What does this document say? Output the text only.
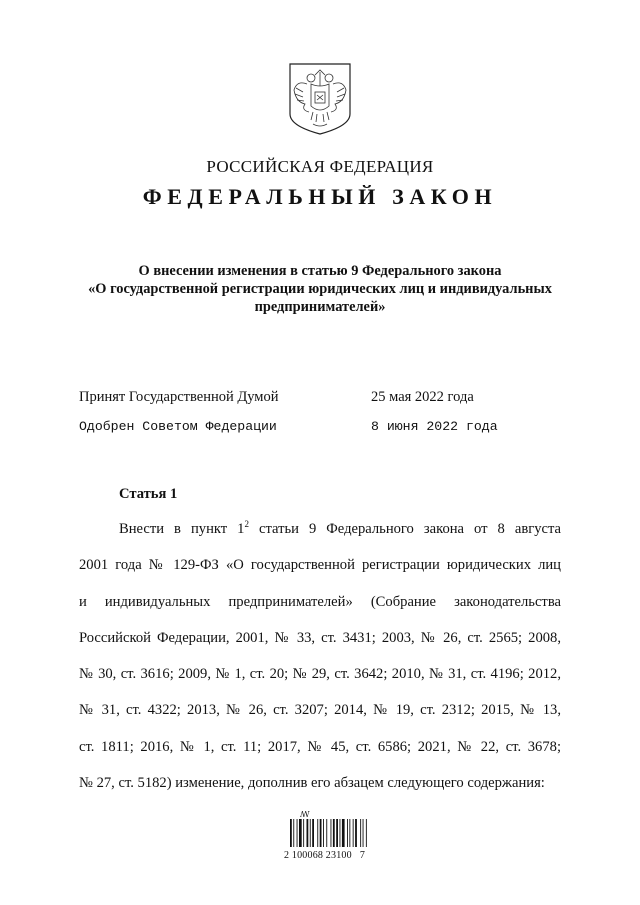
РОССИЙСКАЯ ФЕДЕРАЦИЯ
ФЕДЕРАЛЬНЫЙ ЗАКОН
О внесении изменения в статью 9 Федерального закона
«О государственной регистрации юридических лиц и индивидуальных
предпринимателей»
Принят Государственной Думой	25 мая 2022 года
Одобрен Советом Федерации	8 июня 2022 года
Статья 1
Внести в пункт $1^2$ статьи 9 Федерального закона от 8 августа
2001 года № 129-ФЗ «О государственной регистрации юридических лиц
и индивидуальных предпринимателей» (Собрание законодательства
Российской Федерации, 2001, № 33, ст. 3431; 2003, № 26, ст. 2565; 2008,
№ 30, ст. 3616; 2009, № 1, ст. 20; № 29, ст. 3642; 2010, № 31, ст. 4196; 2012,
№ 31, ст. 4322; 2013, № 26, ст. 3207; 2014, № 19, ст. 2312; 2015, № 13,
ст. 1811; 2016, № 1, ст. 11; 2017, № 45, ст. 6586; 2021, № 22, ст. 3678;
№ 27, ст. 5182) изменение, дополнив его абзацем следующего содержания:
ꟿ
2 100068 23100   7
